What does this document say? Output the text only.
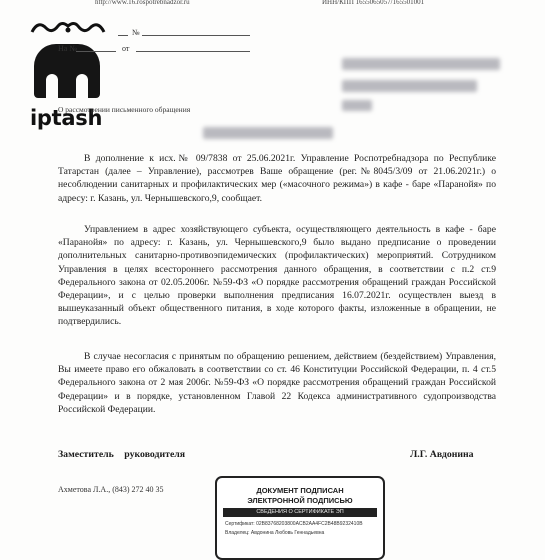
http://www.16.rospotrebnadzor.ru	ИНН/КПП 1655065057/165501001
iptash
№
На №	от
О рассмотрении письменного обращения
В дополнение к исх.№ 09/7838 от 25.06.2021г. Управление Роспотребнадзора по Республике Татарстан (далее – Управление), рассмотрев Ваше обращение (рег.№8045/3/09 от 21.06.2021г.) о несоблюдении санитарных и профилактических мер («масочного режима») в кафе - баре «Паранойя» по адресу: г. Казань, ул. Чернышевского,9, сообщает.
Управлением в адрес хозяйствующего субъекта, осуществляющего деятельность в кафе - баре «Паранойя» по адресу: г. Казань, ул. Чернышевского,9 было выдано предписание о проведении дополнительных санитарно-противоэпидемических (профилактических) мероприятий. Сотрудником Управления в целях всестороннего рассмотрения данного обращения, в соответствии с п.2 ст.9 Федерального закона от 02.05.2006г. №59-ФЗ «О порядке рассмотрения обращений граждан Российской Федерации», и с целью проверки выполнения предписания 16.07.2021г. осуществлен выезд в вышеуказанный объект общественного питания, в ходе которого факты, изложенные в обращении, не подтвердились.
В случае несогласия с принятым по обращению решением, действием (бездействием) Управления, Вы имеете право его обжаловать в соответствии со ст. 46 Конституции Российской Федерации, п. 4 ст.5 Федерального закона от 2 мая 2006г. №59-ФЗ «О порядке рассмотрения обращений граждан Российской Федерации» и в порядке, установленном Главой 22 Кодекса административного судопроизводства Российской Федерации.
Заместитель руководителя	Л.Г. Авдонина
Ахметова Л.А., (843) 272 40 35	ДОКУМЕНТ ПОДПИСАН
ЭЛЕКТРОННОЙ ПОДПИСЬЮ
СВЕДЕНИЯ О СЕРТИФИКАТЕ ЭП
Сертификат: 02B83768203800ACB2AA4FC2B48B9232410B
Владелец: Авдонина Любовь Геннадьевна
